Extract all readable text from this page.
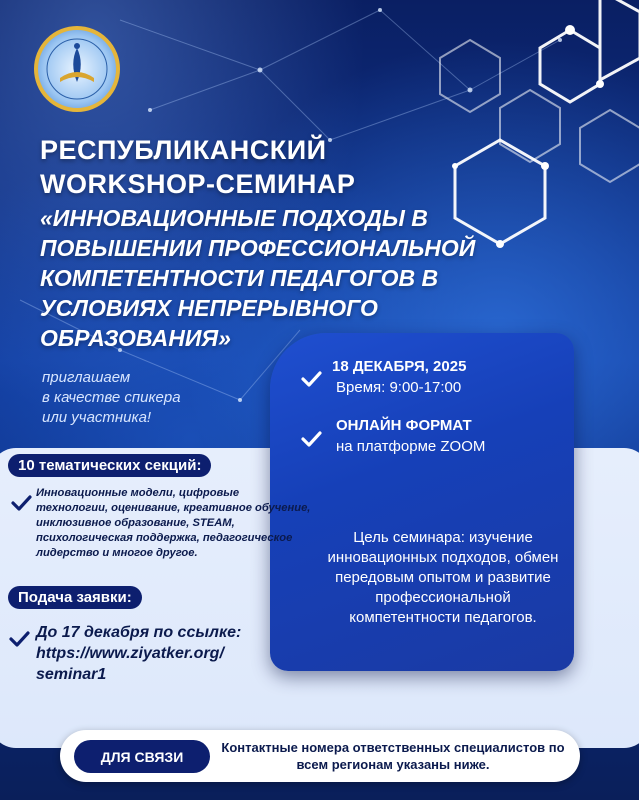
РЕСПУБЛИКАНСКИЙ
WORKSHOP-СЕМИНАР
«ИННОВАЦИОННЫЕ ПОДХОДЫ В
ПОВЫШЕНИИ ПРОФЕССИОНАЛЬНОЙ
КОМПЕТЕНТНОСТИ ПЕДАГОГОВ В
УСЛОВИЯХ НЕПРЕРЫВНОГО
ОБРАЗОВАНИЯ»
приглашаем
в качестве спикера
или участника!
18 ДЕКАБРЯ, 2025
Время: 9:00-17:00
ОНЛАЙН ФОРМАТ
на платформе ZOOM
Цель семинара: изучение инновационных подходов, обмен передовым опытом и развитие профессиональной компетентности педагогов.
10 тематических секций:
Инновационные модели, цифровые технологии, оценивание, креативное обучение, инклюзивное образование, STEAM, психологическая поддержка, педагогическое лидерство и многое другое.
Подача заявки:
До 17 декабря по ссылке: https://www.ziyatker.org/ seminar1
ДЛЯ СВЯЗИ
Контактные номера ответственных специалистов по всем регионам указаны ниже.
